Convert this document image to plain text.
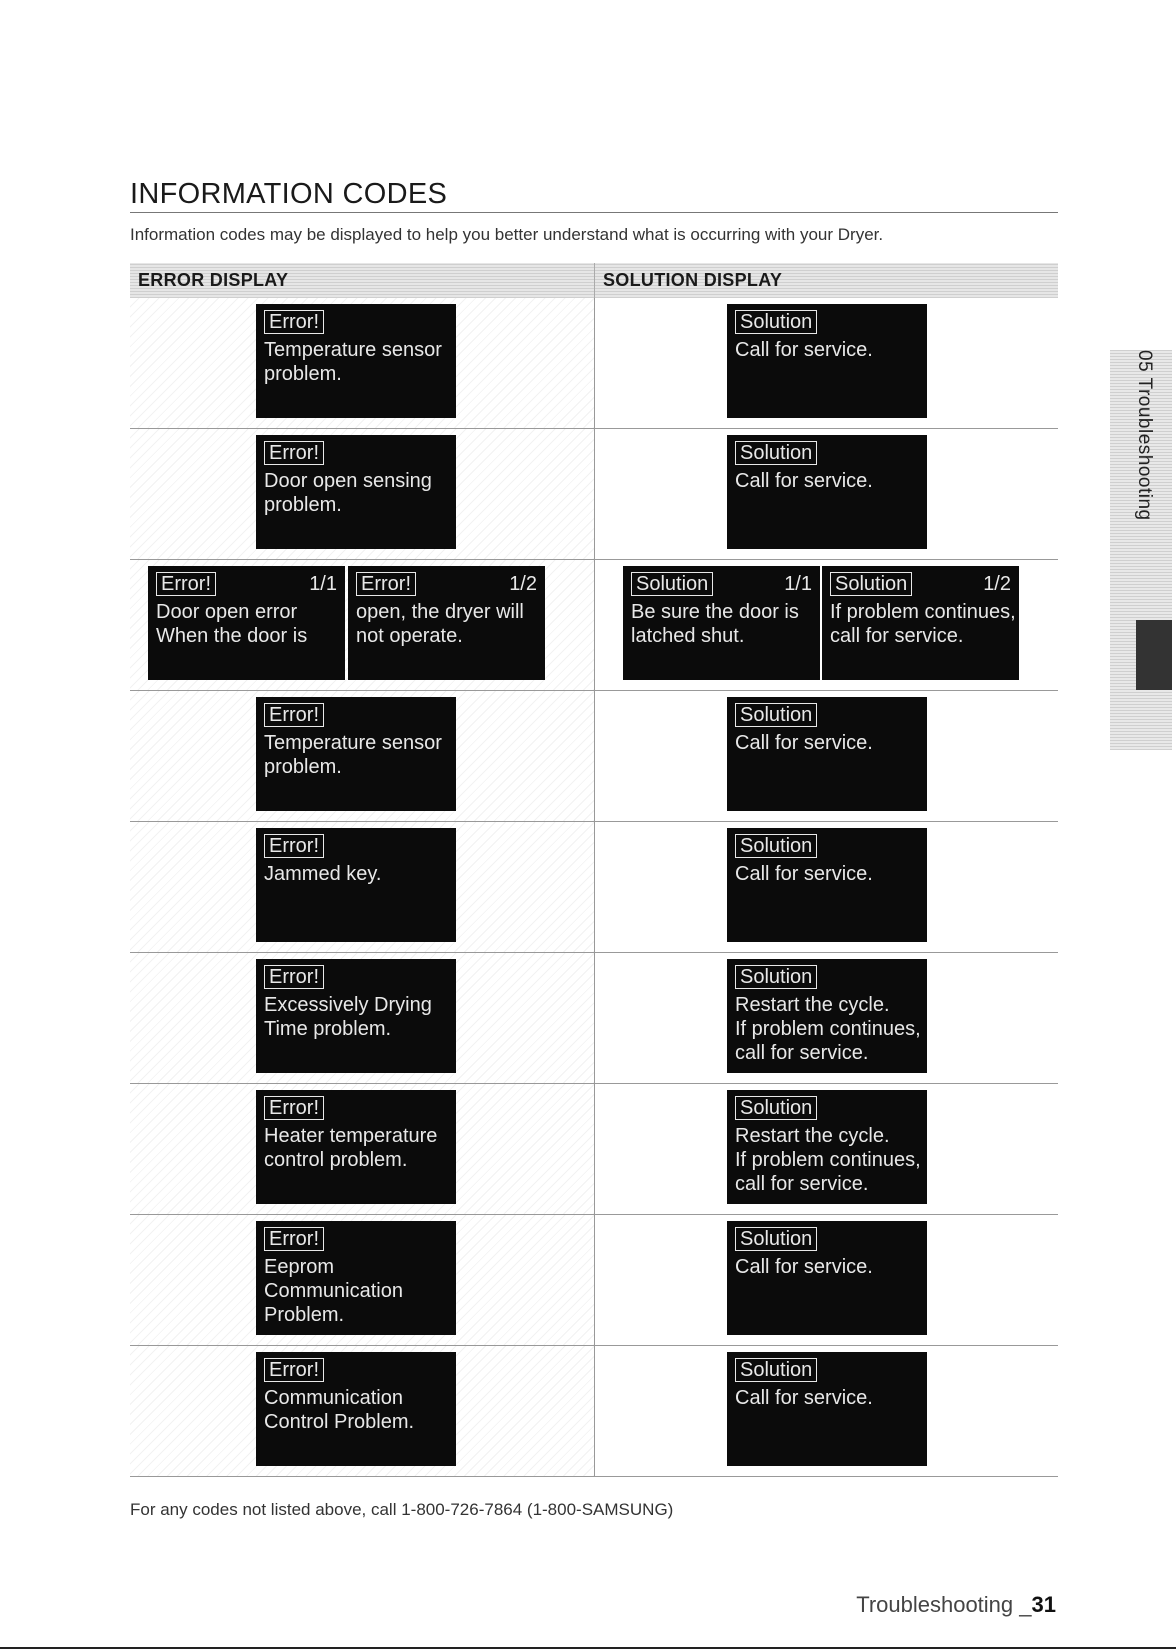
INFORMATION CODES
Information codes may be displayed to help you better understand what is occurring with your Dryer.
ERROR DISPLAY	SOLUTION DISPLAY
Error!
Temperature sensor
problem.
Solution
Call for service.
Error!
Door open sensing
problem.
Solution
Call for service.
Error!	1/1
Door open error
When the door is
Error!	1/2
open, the dryer will
not operate.
Solution	1/1
Be sure the door is
latched shut.
Solution	1/2
If problem continues,
call for service.
Error!
Temperature sensor
problem.
Solution
Call for service.
Error!
Jammed key.
Solution
Call for service.
Error!
Excessively Drying
Time problem.
Solution
Restart the cycle.
If problem continues,
call for service.
Error!
Heater temperature
control problem.
Solution
Restart the cycle.
If problem continues,
call for service.
Error!
Eeprom
Communication
Problem.
Solution
Call for service.
Error!
Communication
Control Problem.
Solution
Call for service.
For any codes not listed above, call 1-800-726-7864 (1-800-SAMSUNG)
Troubleshooting _31
05 Troubleshooting
